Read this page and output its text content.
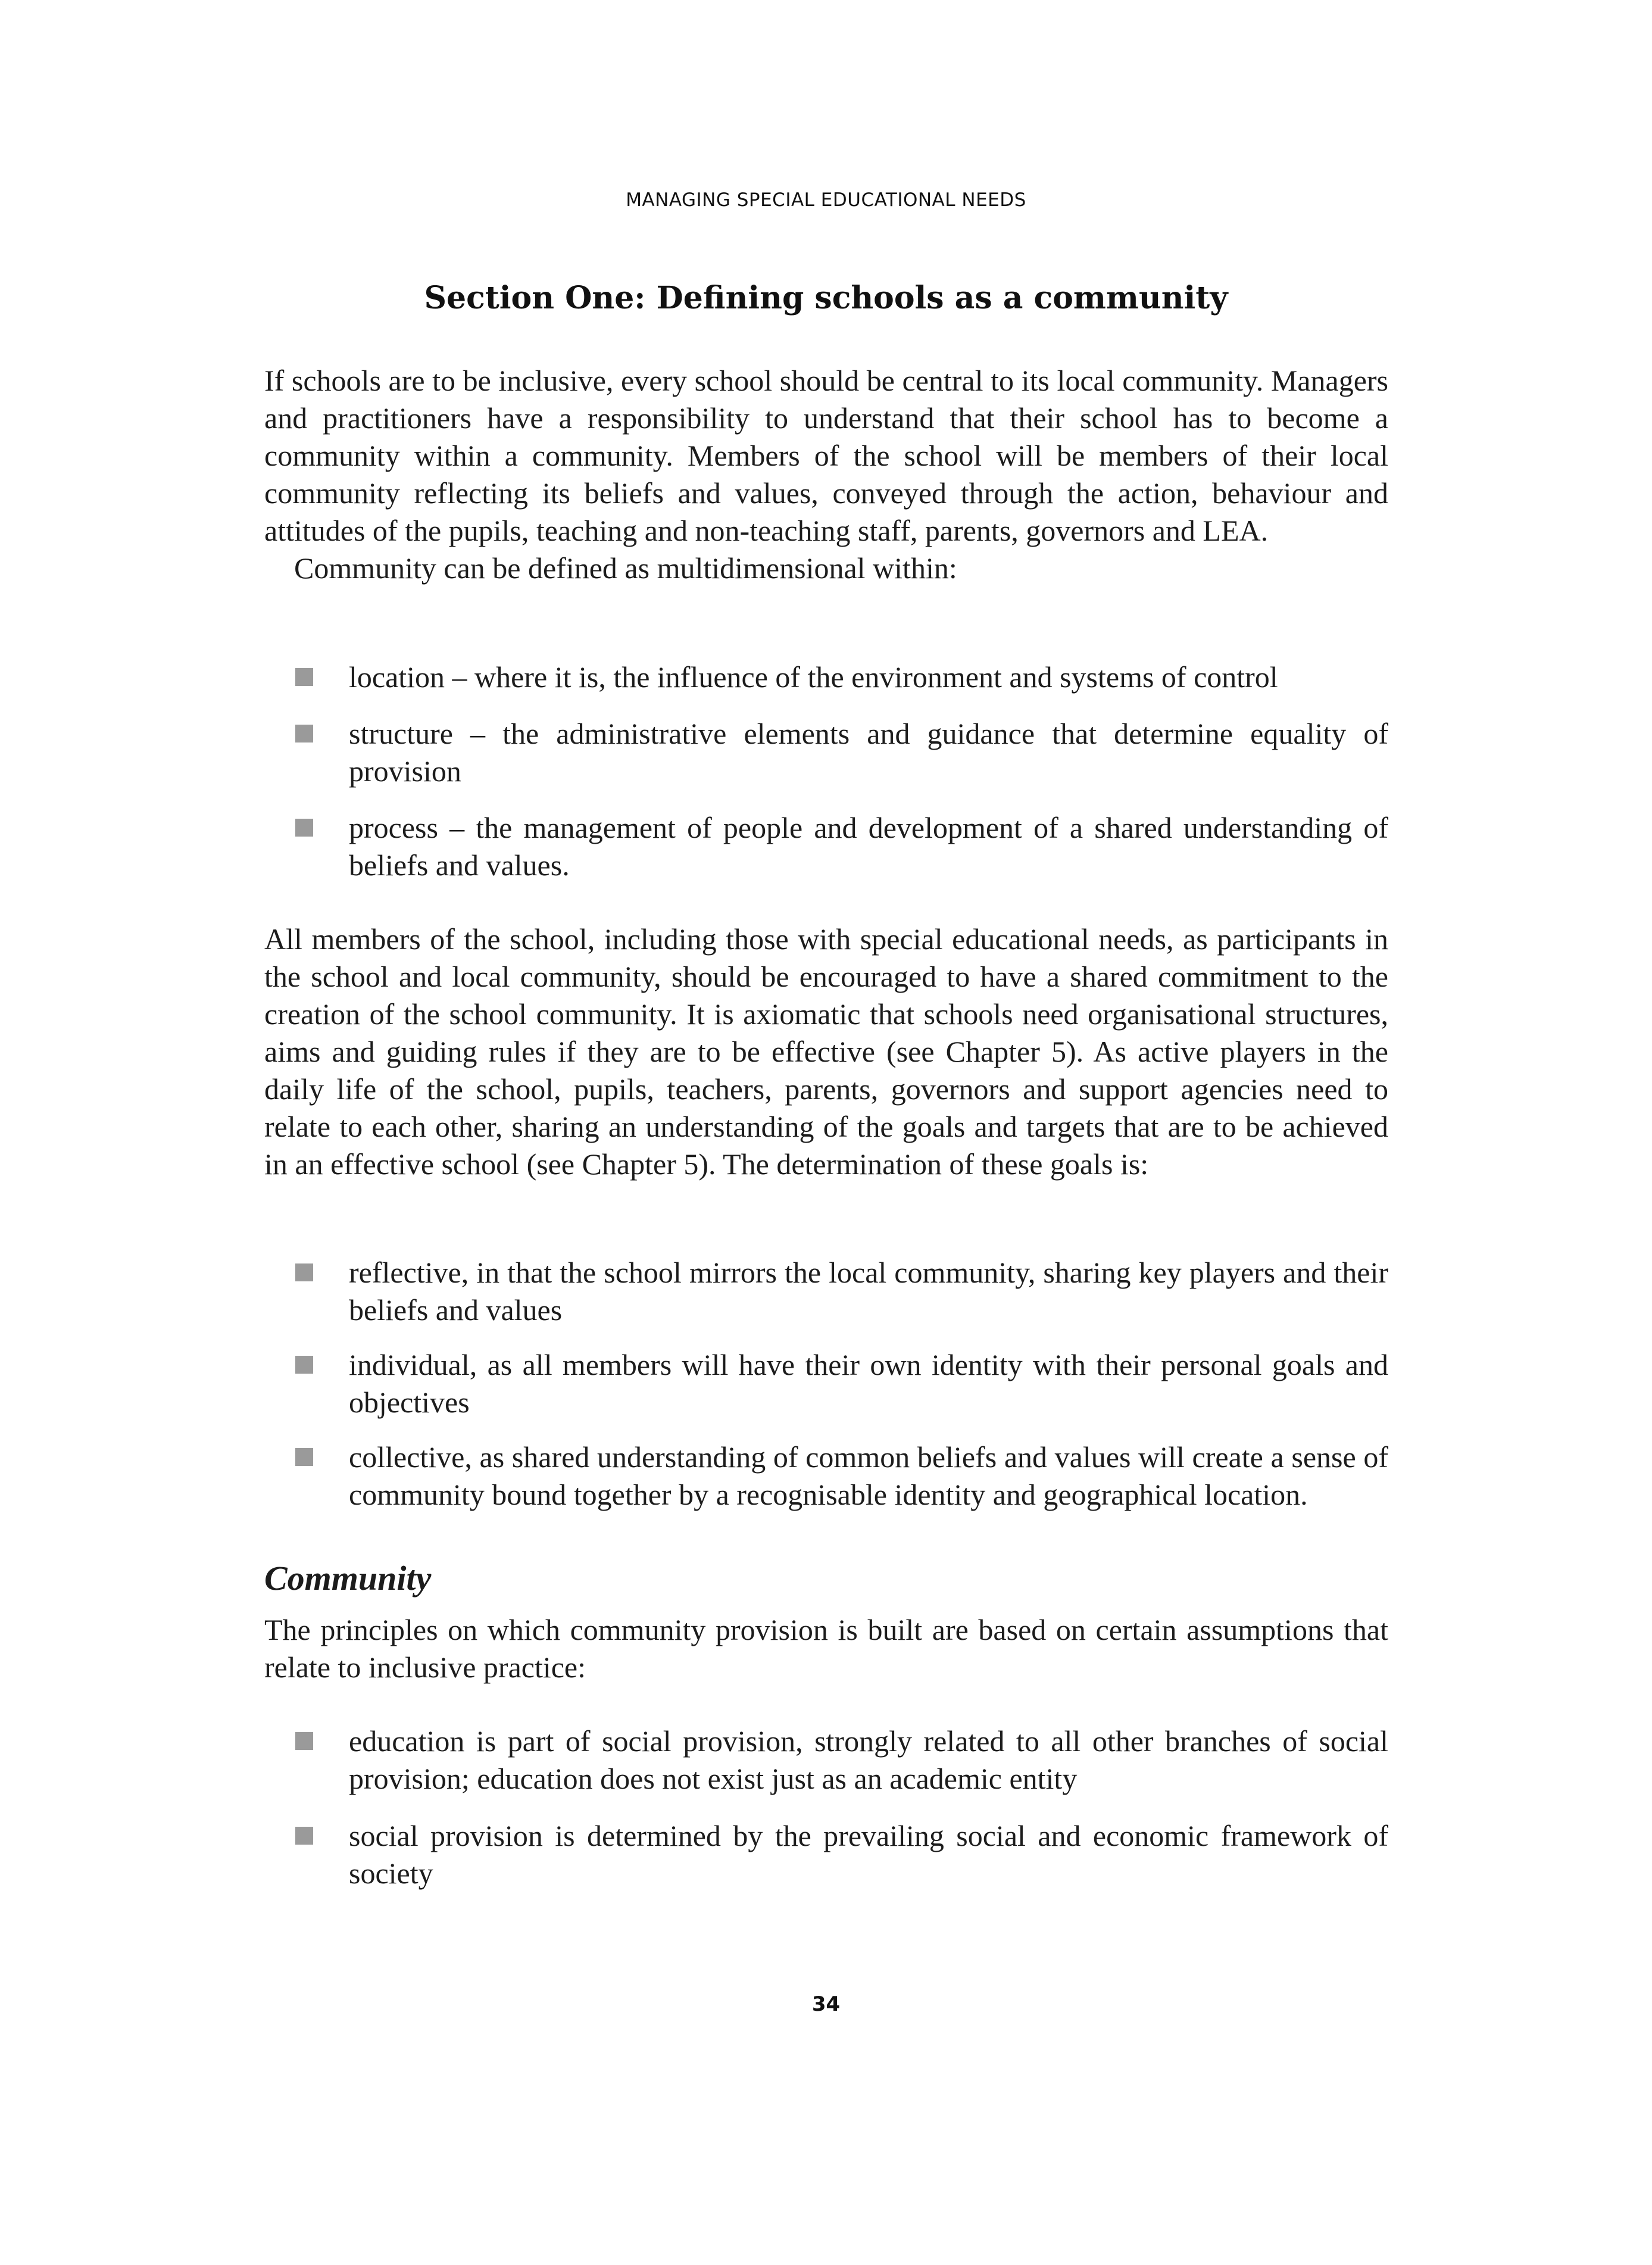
MANAGING SPECIAL EDUCATIONAL NEEDS
Section One: Defining schools as a community

If schools are to be inclusive, every school should be central to its local community. Managers and practitioners have a responsibility to understand that their school has to become a community within a community. Members of the school will be members of their local community reflecting its beliefs and values, conveyed through the action, behaviour and attitudes of the pupils, teaching and non-teaching staff, parents, governors and LEA.

Community can be defined as multidimensional within:

location – where it is, the influence of the environment and systems of control
structure – the administrative elements and guidance that determine equality of provision
process – the management of people and development of a shared understanding of beliefs and values.

All members of the school, including those with special educational needs, as participants in the school and local community, should be encouraged to have a shared commitment to the creation of the school community. It is axiomatic that schools need organisational structures, aims and guiding rules if they are to be effective (see Chapter 5). As active players in the daily life of the school, pupils, teachers, parents, governors and support agencies need to relate to each other, sharing an understanding of the goals and targets that are to be achieved in an effective school (see Chapter 5). The determination of these goals is:

reflective, in that the school mirrors the local community, sharing key players and their beliefs and values
individual, as all members will have their own identity with their personal goals and objectives
collective, as shared understanding of common beliefs and values will create a sense of community bound together by a recognisable identity and geographical location.
Community

The principles on which community provision is built are based on certain assumptions that relate to inclusive practice:

education is part of social provision, strongly related to all other branches of social provision; education does not exist just as an academic entity
social provision is determined by the prevailing social and economic framework of society
34
